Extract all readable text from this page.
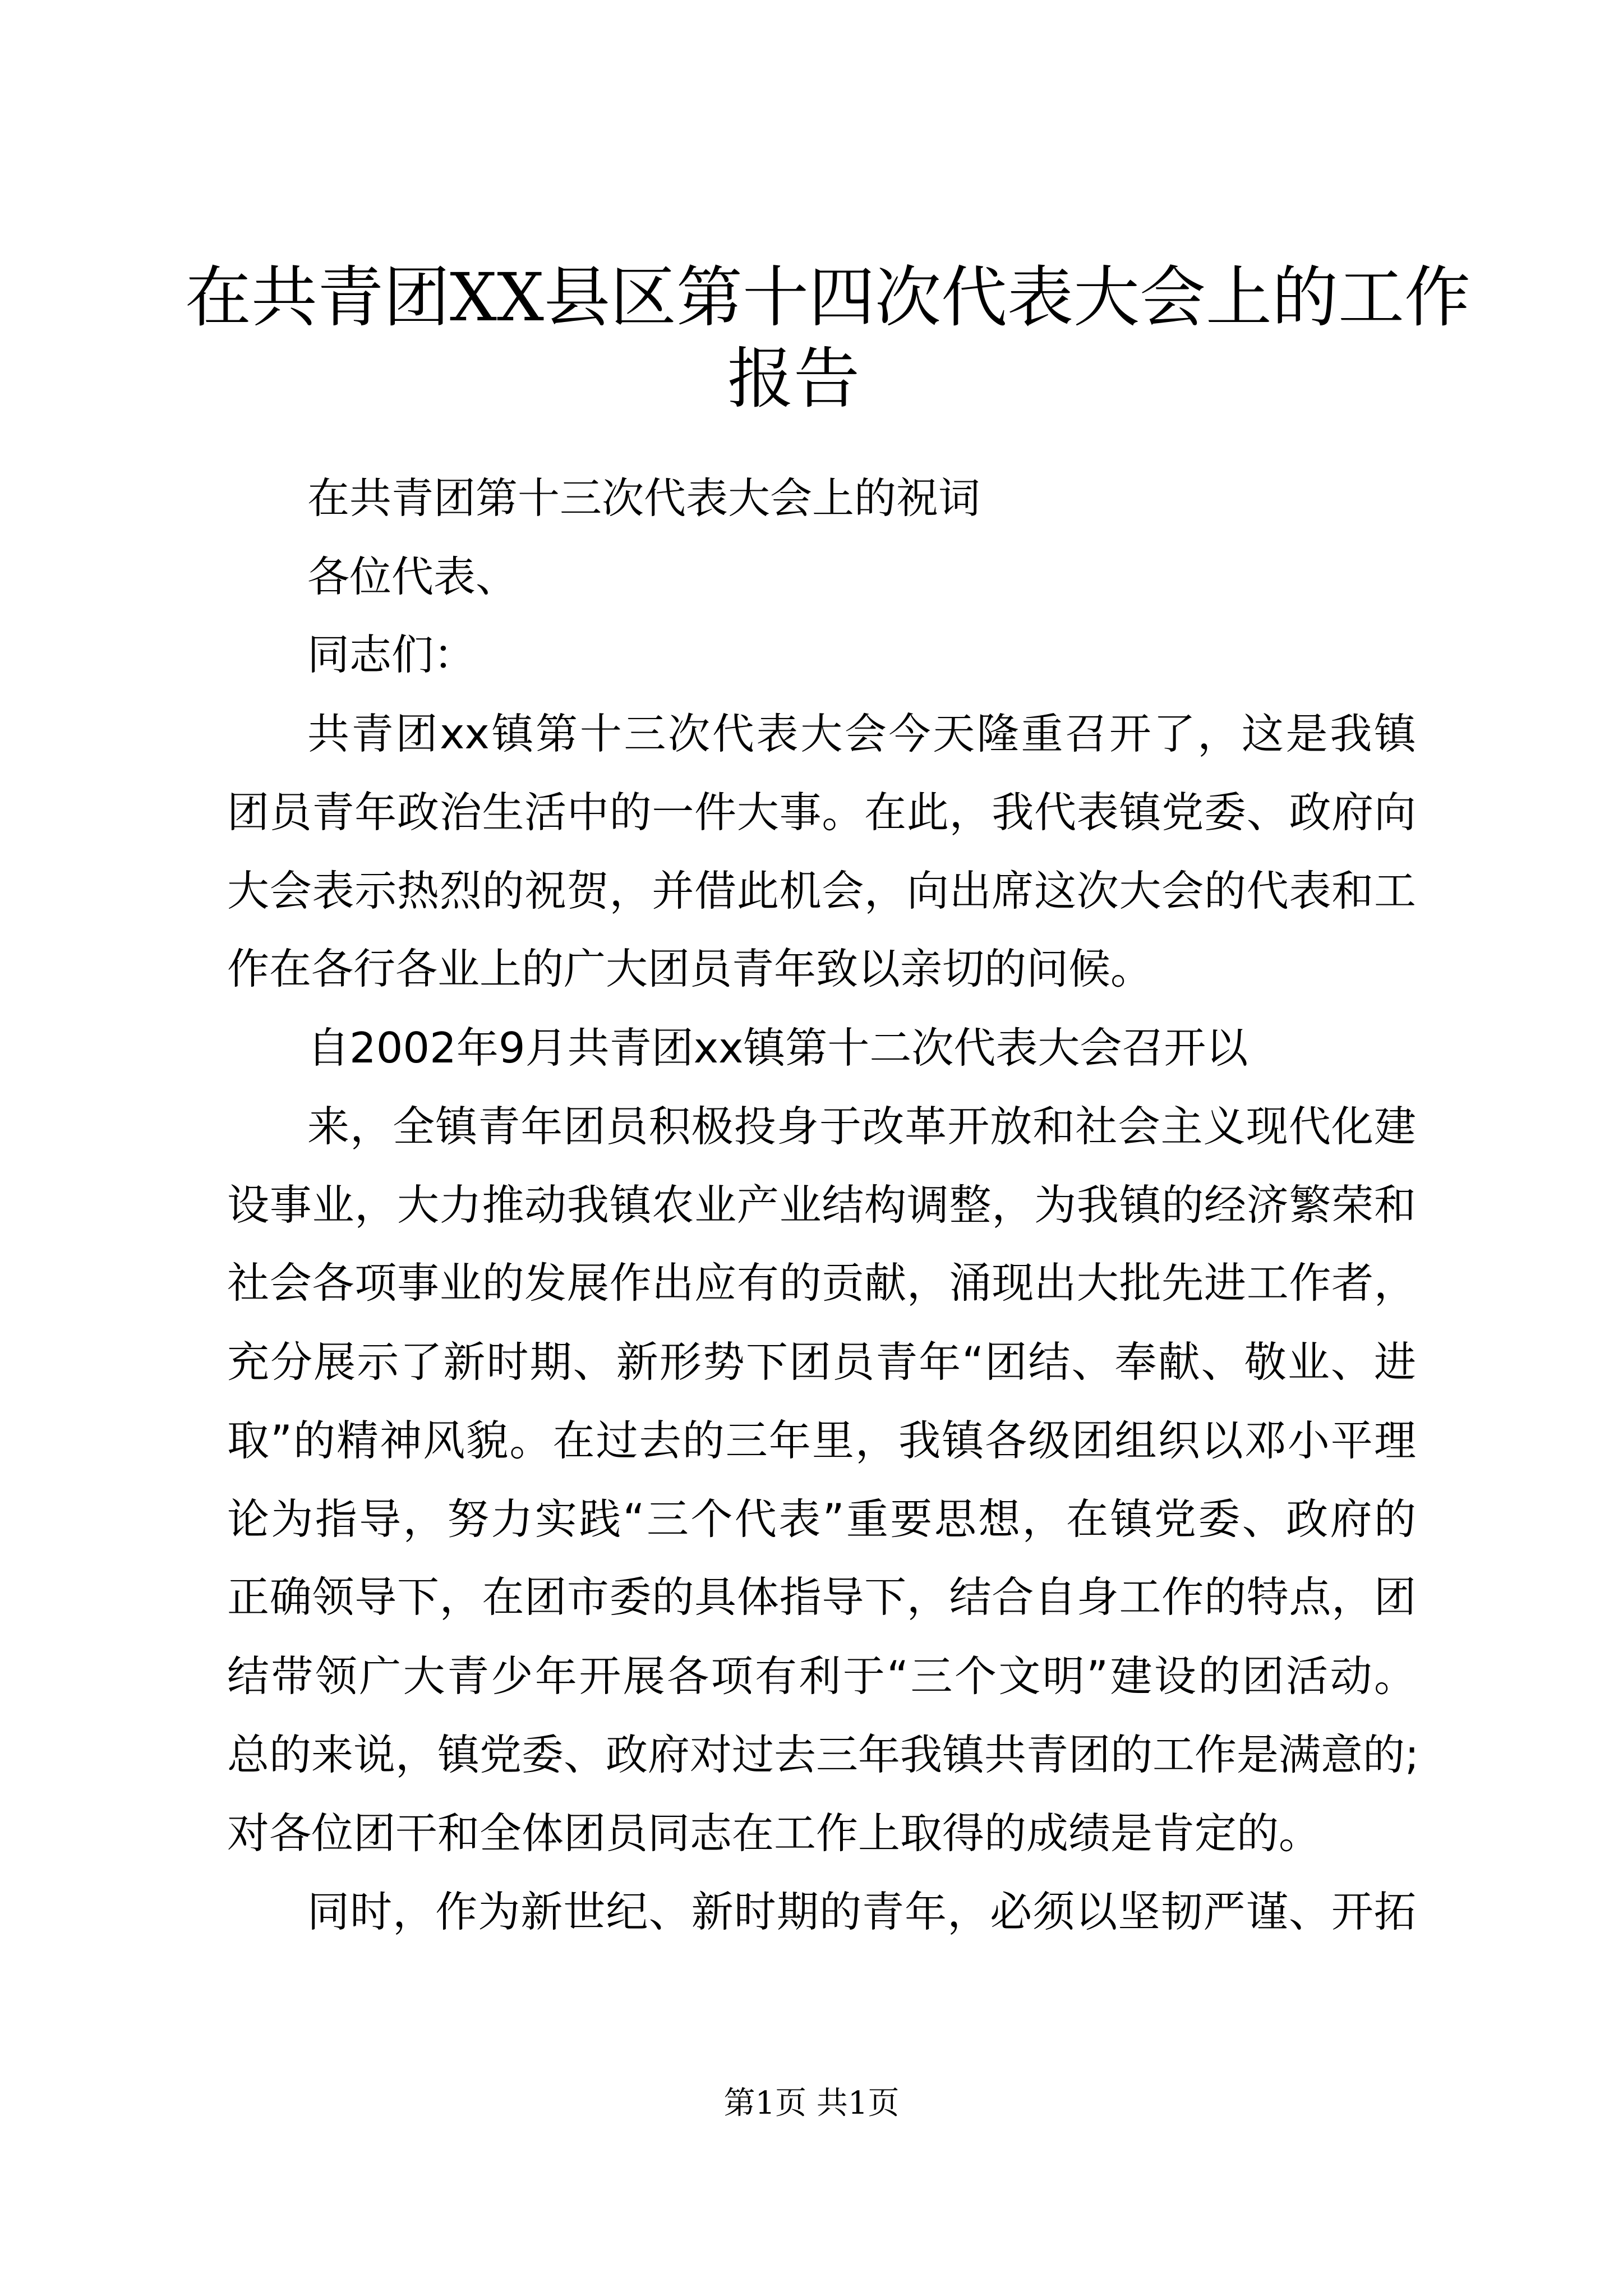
在共青团XX县区第十四次代表大会上的工作
报告
在共青团第十三次代表大会上的祝词
各位代表、
同志们：
共青团xx镇第十三次代表大会今天隆重召开了，这是我镇
团员青年政治生活中的一件大事。在此，我代表镇党委、政府向
大会表示热烈的祝贺，并借此机会，向出席这次大会的代表和工
作在各行各业上的广大团员青年致以亲切的问候。
自2002年9月共青团xx镇第十二次代表大会召开以
来，全镇青年团员积极投身于改革开放和社会主义现代化建
设事业，大力推动我镇农业产业结构调整，为我镇的经济繁荣和
社会各项事业的发展作出应有的贡献，涌现出大批先进工作者，
充分展示了新时期、新形势下团员青年“团结、奉献、敬业、进
取”的精神风貌。在过去的三年里，我镇各级团组织以邓小平理
论为指导，努力实践“三个代表”重要思想，在镇党委、政府的
正确领导下，在团市委的具体指导下，结合自身工作的特点，团
结带领广大青少年开展各项有利于“三个文明”建设的团活动。
总的来说，镇党委、政府对过去三年我镇共青团的工作是满意的;
对各位团干和全体团员同志在工作上取得的成绩是肯定的。
同时，作为新世纪、新时期的青年，必须以坚韧严谨、开拓
第1页 共1页
